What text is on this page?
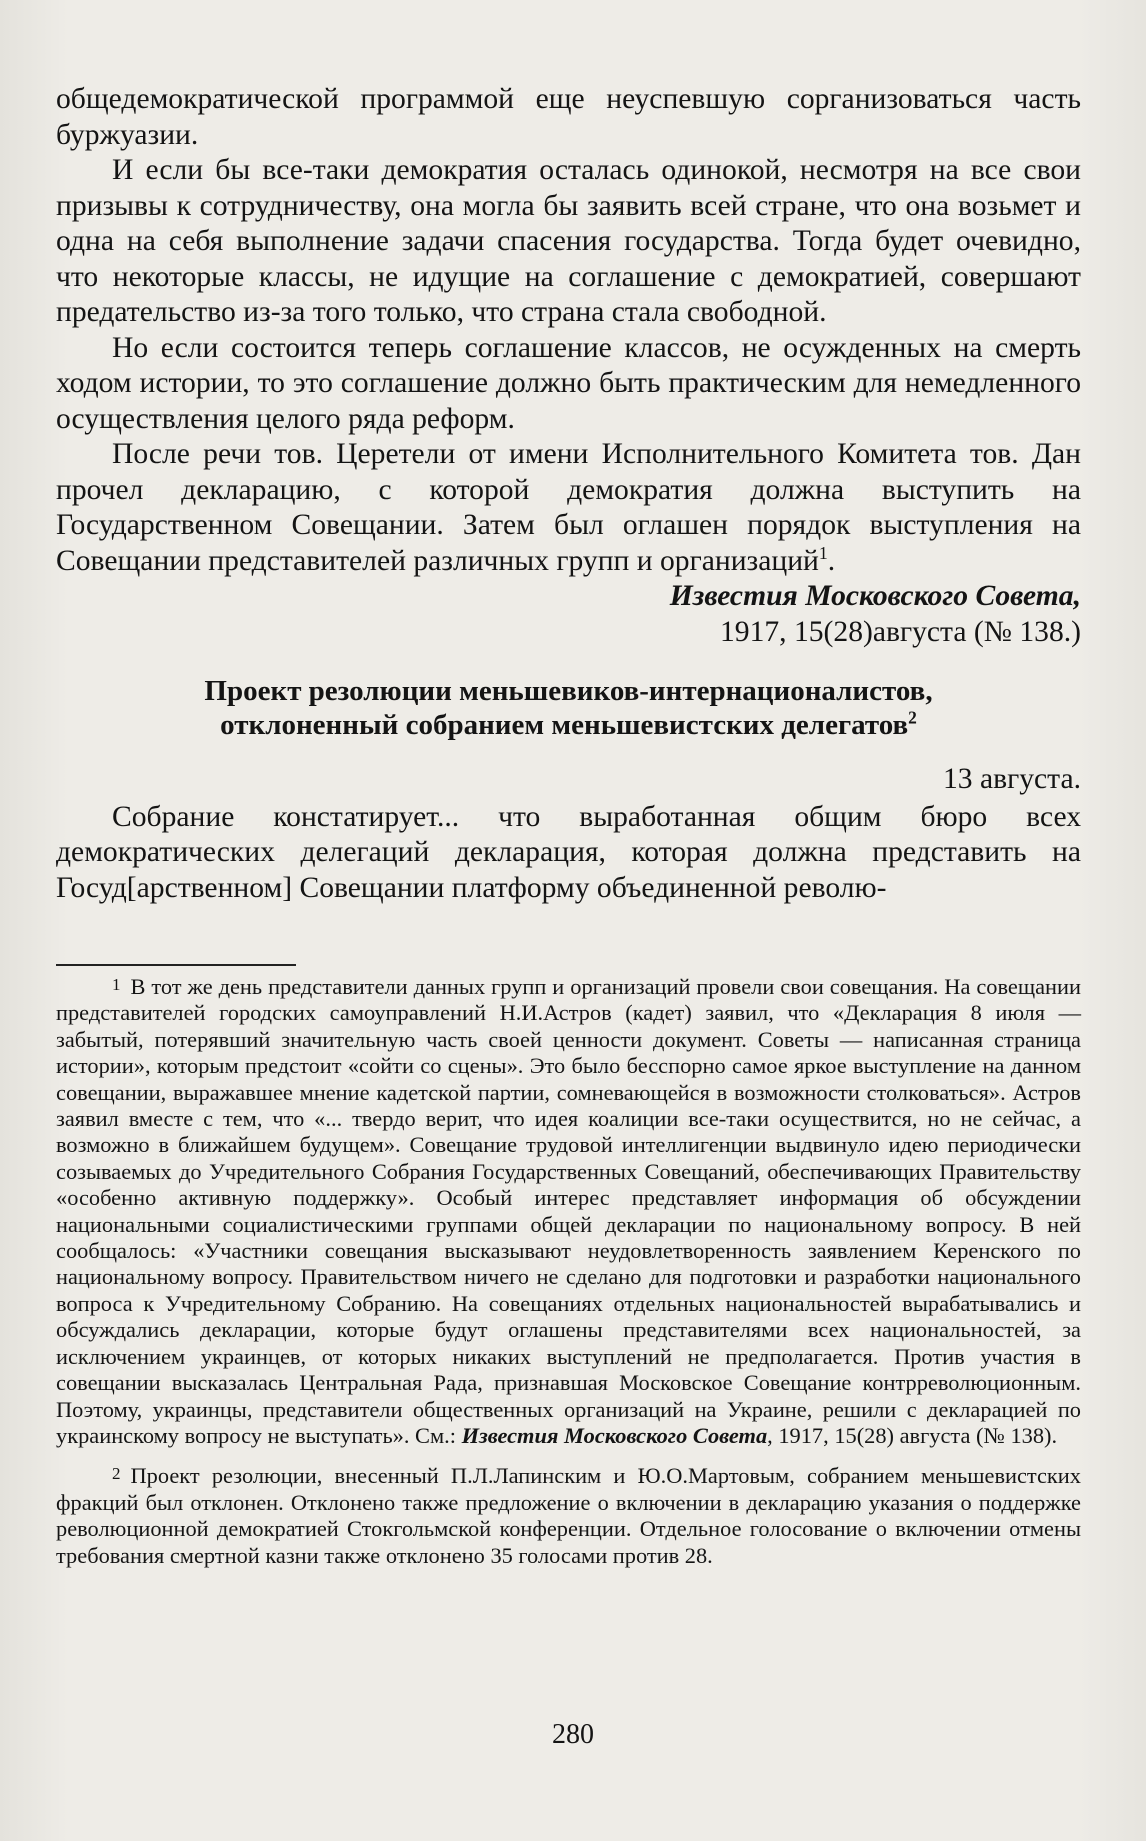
общедемократической программой еще неуспевшую сорганизоваться часть буржуазии.

И если бы все-таки демократия осталась одинокой, несмотря на все свои призывы к сотрудничеству, она могла бы заявить всей стране, что она возьмет и одна на себя выполнение задачи спасения государства. Тогда будет очевидно, что некоторые классы, не идущие на соглашение с демократией, совершают предательство из-за того только, что страна стала свободной.

Но если состоится теперь соглашение классов, не осужденных на смерть ходом истории, то это соглашение должно быть практическим для немедленного осуществления целого ряда реформ.

После речи тов. Церетели от имени Исполнительного Комитета тов. Дан прочел декларацию, с которой демократия должна выступить на Государственном Совещании. Затем был оглашен порядок выступления на Совещании представителей различных групп и организаций$^1$.

Известия Московского Совета,
1917, 15(28)августа (№ 138.)
Проект резолюции меньшевиков-интернационалистов,
отклоненный собранием меньшевистских делегатов$^2$
13 августа.

Собрание констатирует... что выработанная общим бюро всех демократических делегаций декларация, которая должна представить на Госуд[арственном] Совещании платформу объединенной револю-

1 В тот же день представители данных групп и организаций провели свои совещания. На совещании представителей городских самоуправлений Н.И.Астров (кадет) заявил, что «Декларация 8 июля — забытый, потерявший значительную часть своей ценности документ. Советы — написанная страница истории», которым предстоит «сойти со сцены». Это было бесспорно самое яркое выступление на данном совещании, выражавшее мнение кадетской партии, сомневающейся в возможности столковаться». Астров заявил вместе с тем, что «... твердо верит, что идея коалиции все-таки осуществится, но не сейчас, а возможно в ближайшем будущем». Совещание трудовой интеллигенции выдвинуло идею периодически созываемых до Учредительного Собрания Государственных Совещаний, обеспечивающих Правительству «особенно активную поддержку». Особый интерес представляет информация об обсуждении национальными социалистическими группами общей декларации по национальному вопросу. В ней сообщалось: «Участники совещания высказывают неудовлетворенность заявлением Керенского по национальному вопросу. Правительством ничего не сделано для подготовки и разработки национального вопроса к Учредительному Собранию. На совещаниях отдельных национальностей вырабатывались и обсуждались декларации, которые будут оглашены представителями всех национальностей, за исключением украинцев, от которых никаких выступлений не предполагается. Против участия в совещании высказалась Центральная Рада, признавшая Московское Совещание контрреволюционным. Поэтому, украинцы, представители общественных организаций на Украине, решили с декларацией по украинскому вопросу не выступать». См.: Известия Московского Совета, 1917, 15(28) августа (№ 138).

2 Проект резолюции, внесенный П.Л.Лапинским и Ю.О.Мартовым, собранием меньшевистских фракций был отклонен. Отклонено также предложение о включении в декларацию указания о поддержке революционной демократией Стокгольмской конференции. Отдельное голосование о включении отмены требования смертной казни также отклонено 35 голосами против 28.

280
